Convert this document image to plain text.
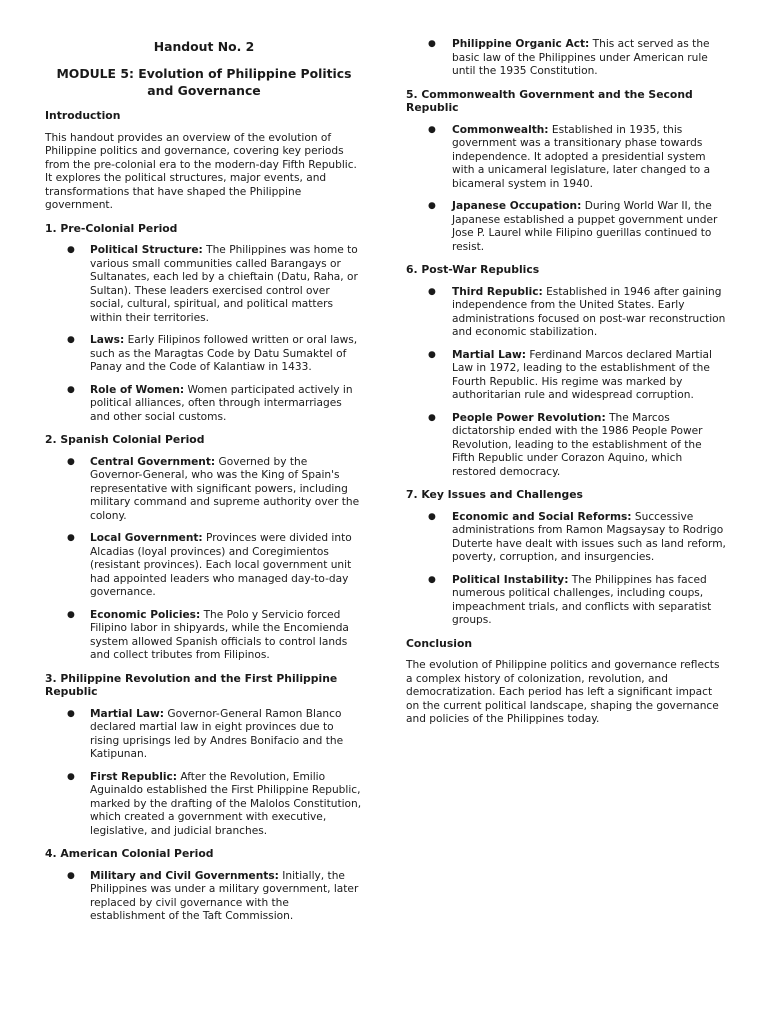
Handout No. 2

MODULE 5: Evolution of Philippine Politics and Governance

Introduction

This handout provides an overview of the evolution of Philippine politics and governance, covering key periods from the pre-colonial era to the modern-day Fifth Republic. It explores the political structures, major events, and transformations that have shaped the Philippine government.

1. Pre-Colonial Period

● Political Structure: The Philippines was home to various small communities called Barangays or Sultanates, each led by a chieftain (Datu, Raha, or Sultan). These leaders exercised control over social, cultural, spiritual, and political matters within their territories.
● Laws: Early Filipinos followed written or oral laws, such as the Maragtas Code by Datu Sumaktel of Panay and the Code of Kalantiaw in 1433.
● Role of Women: Women participated actively in political alliances, often through intermarriages and other social customs.

2. Spanish Colonial Period

● Central Government: Governed by the Governor-General, who was the King of Spain's representative with significant powers, including military command and supreme authority over the colony.
● Local Government: Provinces were divided into Alcadias (loyal provinces) and Coregimientos (resistant provinces). Each local government unit had appointed leaders who managed day-to-day governance.
● Economic Policies: The Polo y Servicio forced Filipino labor in shipyards, while the Encomienda system allowed Spanish officials to control lands and collect tributes from Filipinos.

3. Philippine Revolution and the First Philippine Republic

● Martial Law: Governor-General Ramon Blanco declared martial law in eight provinces due to rising uprisings led by Andres Bonifacio and the Katipunan.
● First Republic: After the Revolution, Emilio Aguinaldo established the First Philippine Republic, marked by the drafting of the Malolos Constitution, which created a government with executive, legislative, and judicial branches.

4. American Colonial Period

● Military and Civil Governments: Initially, the Philippines was under a military government, later replaced by civil governance with the establishment of the Taft Commission.
● Philippine Organic Act: This act served as the basic law of the Philippines under American rule until the 1935 Constitution.

5. Commonwealth Government and the Second Republic

● Commonwealth: Established in 1935, this government was a transitionary phase towards independence. It adopted a presidential system with a unicameral legislature, later changed to a bicameral system in 1940.
● Japanese Occupation: During World War II, the Japanese established a puppet government under Jose P. Laurel while Filipino guerillas continued to resist.

6. Post-War Republics

● Third Republic: Established in 1946 after gaining independence from the United States. Early administrations focused on post-war reconstruction and economic stabilization.
● Martial Law: Ferdinand Marcos declared Martial Law in 1972, leading to the establishment of the Fourth Republic. His regime was marked by authoritarian rule and widespread corruption.
● People Power Revolution: The Marcos dictatorship ended with the 1986 People Power Revolution, leading to the establishment of the Fifth Republic under Corazon Aquino, which restored democracy.

7. Key Issues and Challenges

● Economic and Social Reforms: Successive administrations from Ramon Magsaysay to Rodrigo Duterte have dealt with issues such as land reform, poverty, corruption, and insurgencies.
● Political Instability: The Philippines has faced numerous political challenges, including coups, impeachment trials, and conflicts with separatist groups.

Conclusion

The evolution of Philippine politics and governance reflects a complex history of colonization, revolution, and democratization. Each period has left a significant impact on the current political landscape, shaping the governance and policies of the Philippines today.
